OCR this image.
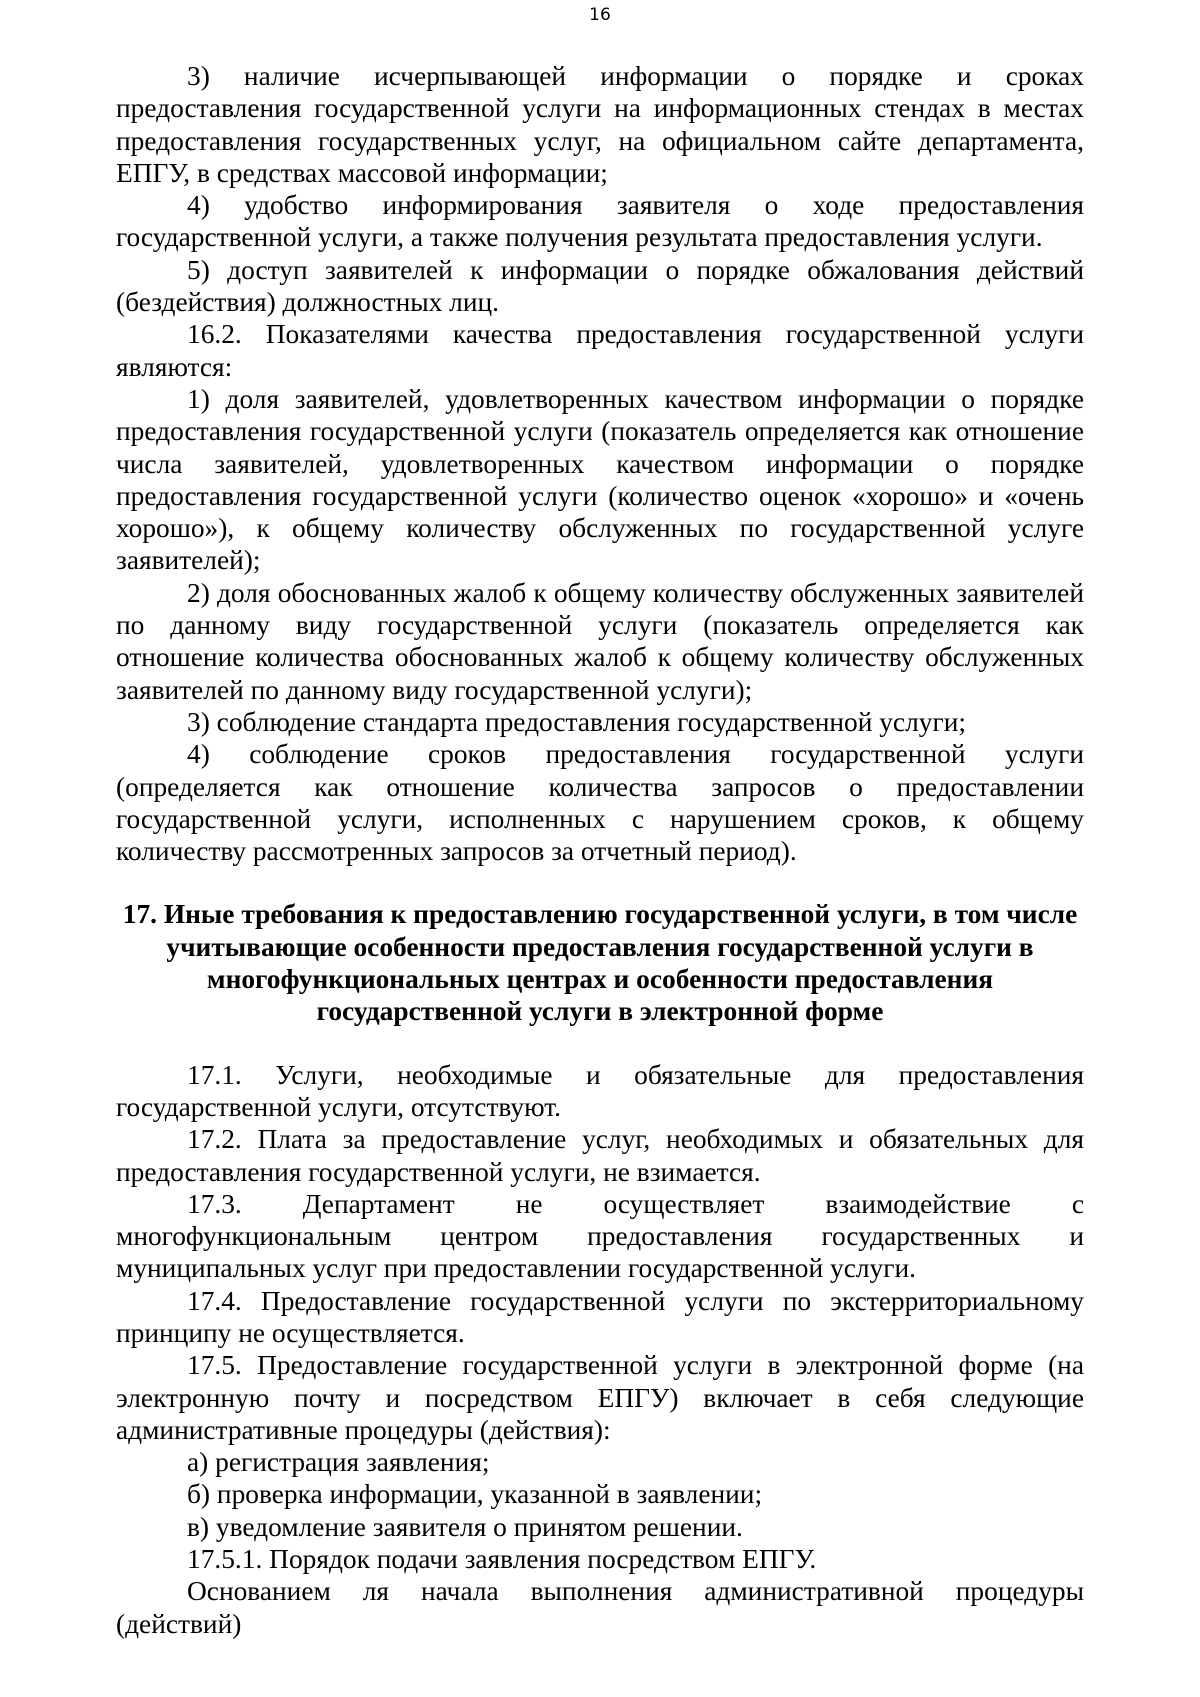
16

3) наличие исчерпывающей информации о порядке и сроках предоставления государственной услуги на информационных стендах в местах предоставления государственных услуг, на официальном сайте департамента, ЕПГУ, в средствах массовой информации;

4) удобство информирования заявителя о ходе предоставления государственной услуги, а также получения результата предоставления услуги.

5) доступ заявителей к информации о порядке обжалования действий (бездействия) должностных лиц.

16.2. Показателями качества предоставления государственной услуги являются:

1) доля заявителей, удовлетворенных качеством информации о порядке предоставления государственной услуги (показатель определяется как отношение числа заявителей, удовлетворенных качеством информации о порядке предоставления государственной услуги (количество оценок «хорошо» и «очень хорошо»), к общему количеству обслуженных по государственной услуге заявителей);

2) доля обоснованных жалоб к общему количеству обслуженных заявителей по данному виду государственной услуги (показатель определяется как отношение количества обоснованных жалоб к общему количеству обслуженных заявителей по данному виду государственной услуги);

3) соблюдение стандарта предоставления государственной услуги;

4) соблюдение сроков предоставления государственной услуги (определяется как отношение количества запросов о предоставлении государственной услуги, исполненных с нарушением сроков, к общему количеству рассмотренных запросов за отчетный период).

17. Иные требования к предоставлению государственной услуги, в том числе учитывающие особенности предоставления государственной услуги в многофункциональных центрах и особенности предоставления государственной услуги в электронной форме

17.1. Услуги, необходимые и обязательные для предоставления государственной услуги, отсутствуют.

17.2. Плата за предоставление услуг, необходимых и обязательных для предоставления государственной услуги, не взимается.

17.3. Департамент не осуществляет взаимодействие с многофункциональным центром предоставления государственных и муниципальных услуг при предоставлении государственной услуги.

17.4. Предоставление государственной услуги по экстерриториальному принципу не осуществляется.

17.5. Предоставление государственной услуги в электронной форме (на электронную почту и посредством ЕПГУ) включает в себя следующие административные процедуры (действия):

а) регистрация заявления;

б) проверка информации, указанной в заявлении;

в) уведомление заявителя о принятом решении.

17.5.1. Порядок подачи заявления посредством ЕПГУ.

Основанием ля начала выполнения административной процедуры (действий)
